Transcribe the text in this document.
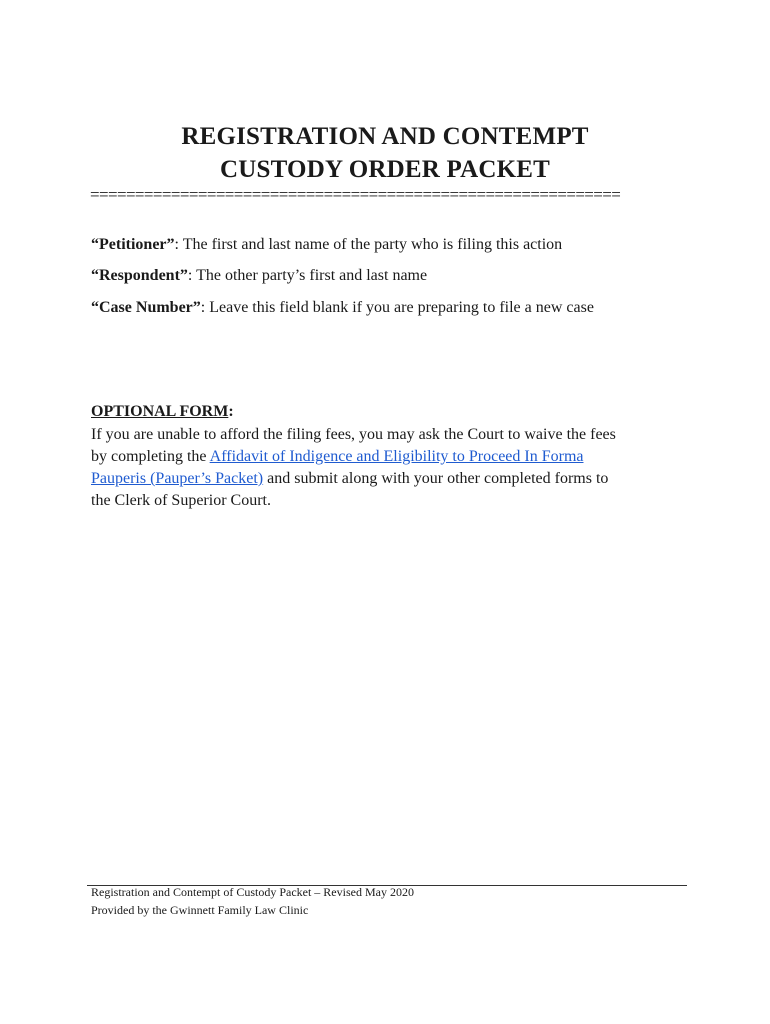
REGISTRATION AND CONTEMPT
CUSTODY ORDER PACKET
===========================================================
“Petitioner”: The first and last name of the party who is filing this action
“Respondent”: The other party’s first and last name
“Case Number”: Leave this field blank if you are preparing to file a new case
OPTIONAL FORM:
If you are unable to afford the filing fees, you may ask the Court to waive the fees
by completing the Affidavit of Indigence and Eligibility to Proceed In Forma
Pauperis (Pauper’s Packet) and submit along with your other completed forms to
the Clerk of Superior Court.
Registration and Contempt of Custody Packet – Revised May 2020
Provided by the Gwinnett Family Law Clinic
